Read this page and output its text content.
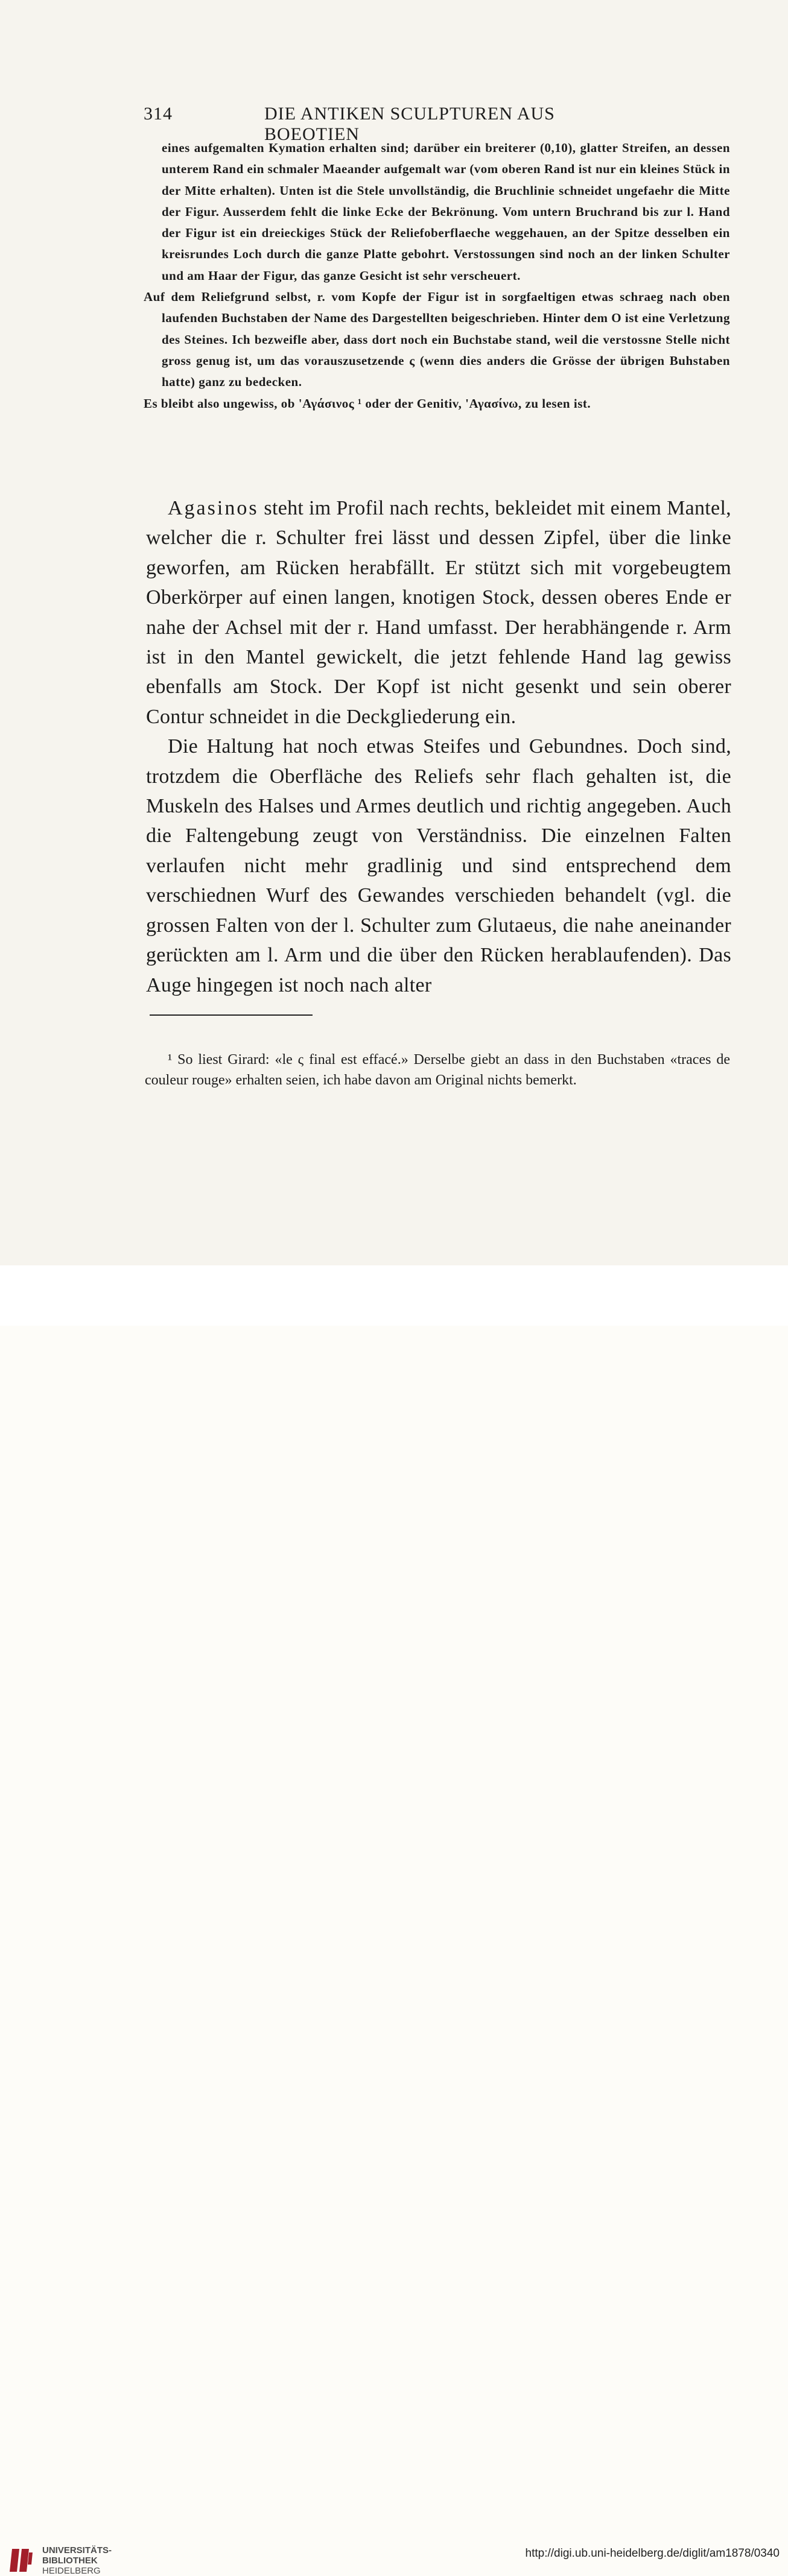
314	DIE ANTIKEN SCULPTUREN AUS BOEOTIEN

eines aufgemalten Kymation erhalten sind; darüber ein breiterer (0,10), glatter Streifen, an dessen unterem Rand ein schmaler Maeander aufgemalt war (vom oberen Rand ist nur ein kleines Stück in der Mitte erhalten). Unten ist die Stele unvollständig, die Bruchlinie schneidet ungefaehr die Mitte der Figur. Ausserdem fehlt die linke Ecke der Bekrönung. Vom untern Bruchrand bis zur l. Hand der Figur ist ein dreieckiges Stück der Reliefoberflaeche weggehauen, an der Spitze desselben ein kreisrundes Loch durch die ganze Platte gebohrt. Verstossungen sind noch an der linken Schulter und am Haar der Figur, das ganze Gesicht ist sehr verscheuert.

Auf dem Reliefgrund selbst, r. vom Kopfe der Figur ist in sorgfaeltigen etwas schraeg nach oben laufenden Buchstaben der Name des Dargestellten beigeschrieben. Hinter dem O ist eine Verletzung des Steines. Ich bezweifle aber, dass dort noch ein Buchstabe stand, weil die verstossne Stelle nicht gross genug ist, um das vorauszusetzende ς (wenn dies anders die Grösse der übrigen Buhstaben hatte) ganz zu bedecken.

Es bleibt also ungewiss, ob 'Αγάσινος ¹ oder der Genitiv, 'Αγασίνω, zu lesen ist.

Agasinos steht im Profil nach rechts, bekleidet mit einem Mantel, welcher die r. Schulter frei lässt und dessen Zipfel, über die linke geworfen, am Rücken herabfällt. Er stützt sich mit vorgebeugtem Oberkörper auf einen langen, knotigen Stock, dessen oberes Ende er nahe der Achsel mit der r. Hand umfasst. Der herabhängende r. Arm ist in den Mantel gewickelt, die jetzt fehlende Hand lag gewiss ebenfalls am Stock. Der Kopf ist nicht gesenkt und sein oberer Contur schneidet in die Deckgliederung ein.

Die Haltung hat noch etwas Steifes und Gebundnes. Doch sind, trotzdem die Oberfläche des Reliefs sehr flach gehalten ist, die Muskeln des Halses und Armes deutlich und richtig angegeben. Auch die Faltengebung zeugt von Verständniss. Die einzelnen Falten verlaufen nicht mehr gradlinig und sind entsprechend dem verschiednen Wurf des Gewandes verschieden behandelt (vgl. die grossen Falten von der l. Schulter zum Glutaeus, die nahe aneinander gerückten am l. Arm und die über den Rücken herablaufenden). Das Auge hingegen ist noch nach alter

¹ So liest Girard: «le ς final est effacé.» Derselbe giebt an dass in den Buchstaben «traces de couleur rouge» erhalten seien, ich habe davon am Original nichts bemerkt.

UNIVERSITÄTS-
BIBLIOTHEK
HEIDELBERG
http://digi.ub.uni-heidelberg.de/diglit/am1878/0340
